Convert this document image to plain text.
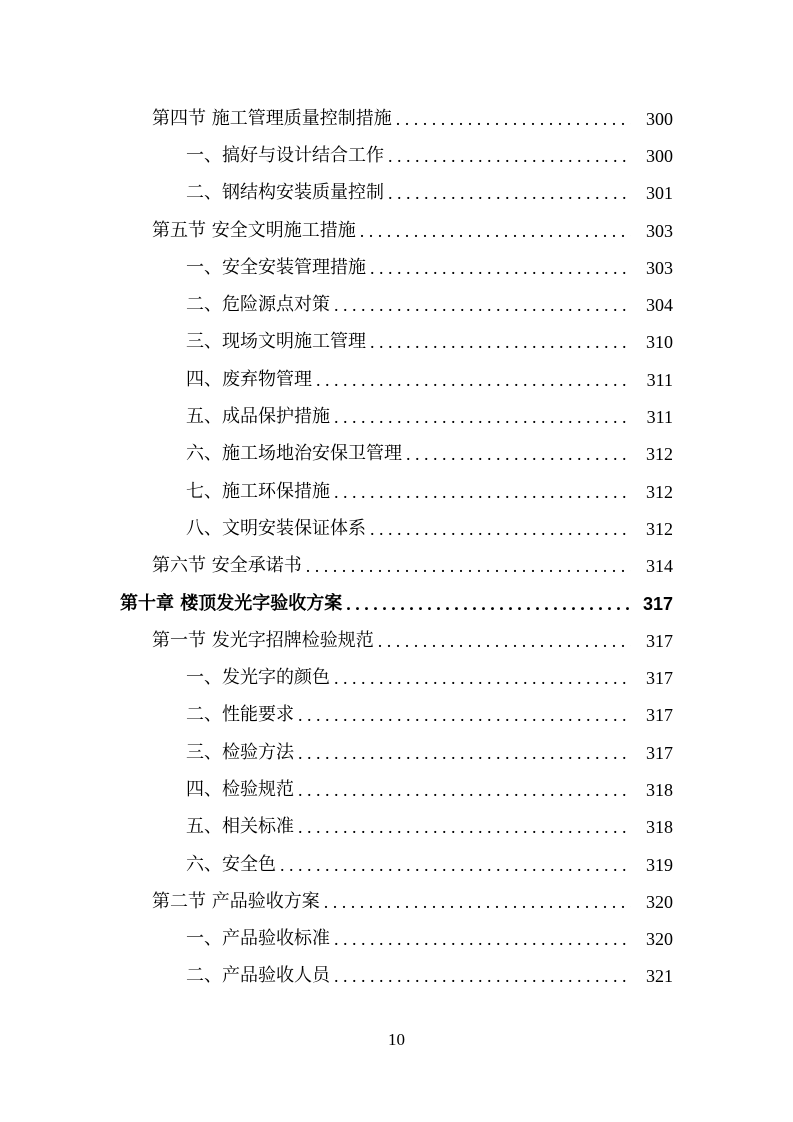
第四节 施工管理质量控制措施 . . .	300
一、搞好与设计结合工作 . . .	300
二、钢结构安装质量控制 . . .	301
第五节 安全文明施工措施 . . .	303
一、安全安装管理措施 . . .	303
二、危险源点对策 . . .	304
三、现场文明施工管理 . . .	310
四、废弃物管理 . . .	311
五、成品保护措施 . . .	311
六、施工场地治安保卫管理 . . .	312
七、施工环保措施 . . .	312
八、文明安装保证体系 . . .	312
第六节 安全承诺书 . . .	314
第十章 楼顶发光字验收方案 . . .	317
第一节 发光字招牌检验规范 . . .	317
一、发光字的颜色 . . .	317
二、性能要求 . . .	317
三、检验方法 . . .	317
四、检验规范 . . .	318
五、相关标准 . . .	318
六、安全色 . . .	319
第二节 产品验收方案 . . .	320
一、产品验收标准 . . .	320
二、产品验收人员 . . .	321
10
